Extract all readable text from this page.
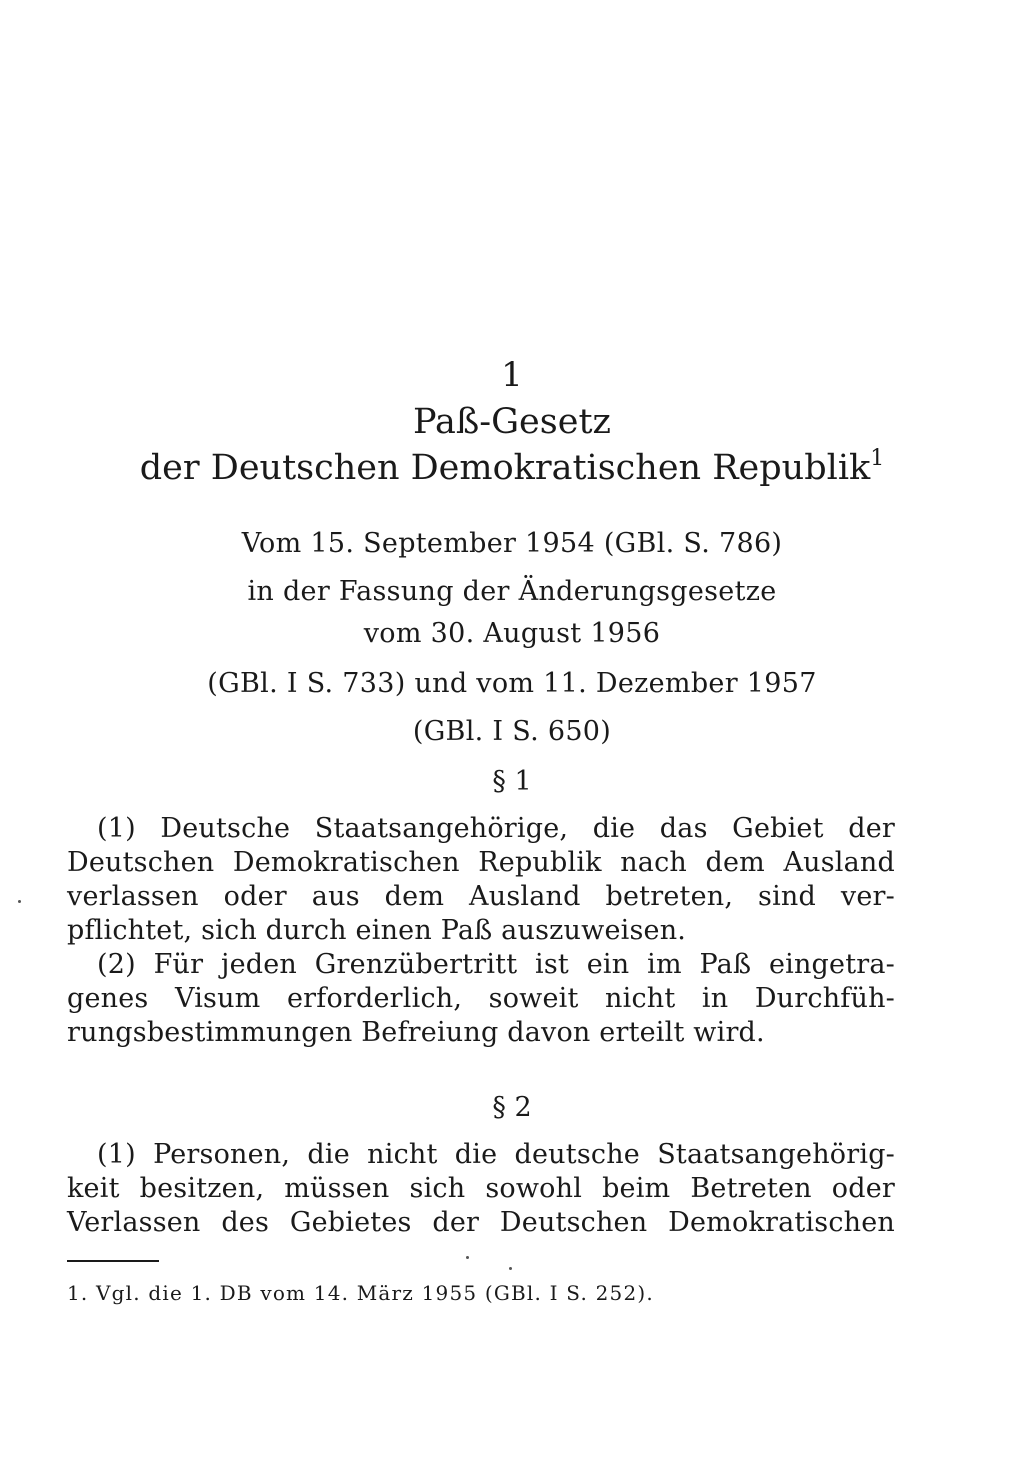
1
Paß-Gesetz
der Deutschen Demokratischen Republik$^1$
Vom 15. September 1954 (GBl. S. 786)
in der Fassung der Änderungsgesetze
vom 30. August 1956
(GBl. I S. 733) und vom 11. Dezember 1957
(GBl. I S. 650)
§ 1
(1) Deutsche Staatsangehörige, die das Gebiet der
Deutschen Demokratischen Republik nach dem Ausland
verlassen oder aus dem Ausland betreten, sind ver-
pflichtet, sich durch einen Paß auszuweisen.
(2) Für jeden Grenzübertritt ist ein im Paß eingetra-
genes Visum erforderlich, soweit nicht in Durchfüh-
rungsbestimmungen Befreiung davon erteilt wird.
§ 2
(1) Personen, die nicht die deutsche Staatsangehörig-
keit besitzen, müssen sich sowohl beim Betreten oder
Verlassen des Gebietes der Deutschen Demokratischen
1. Vgl. die 1. DB vom 14. März 1955 (GBl. I S. 252).
